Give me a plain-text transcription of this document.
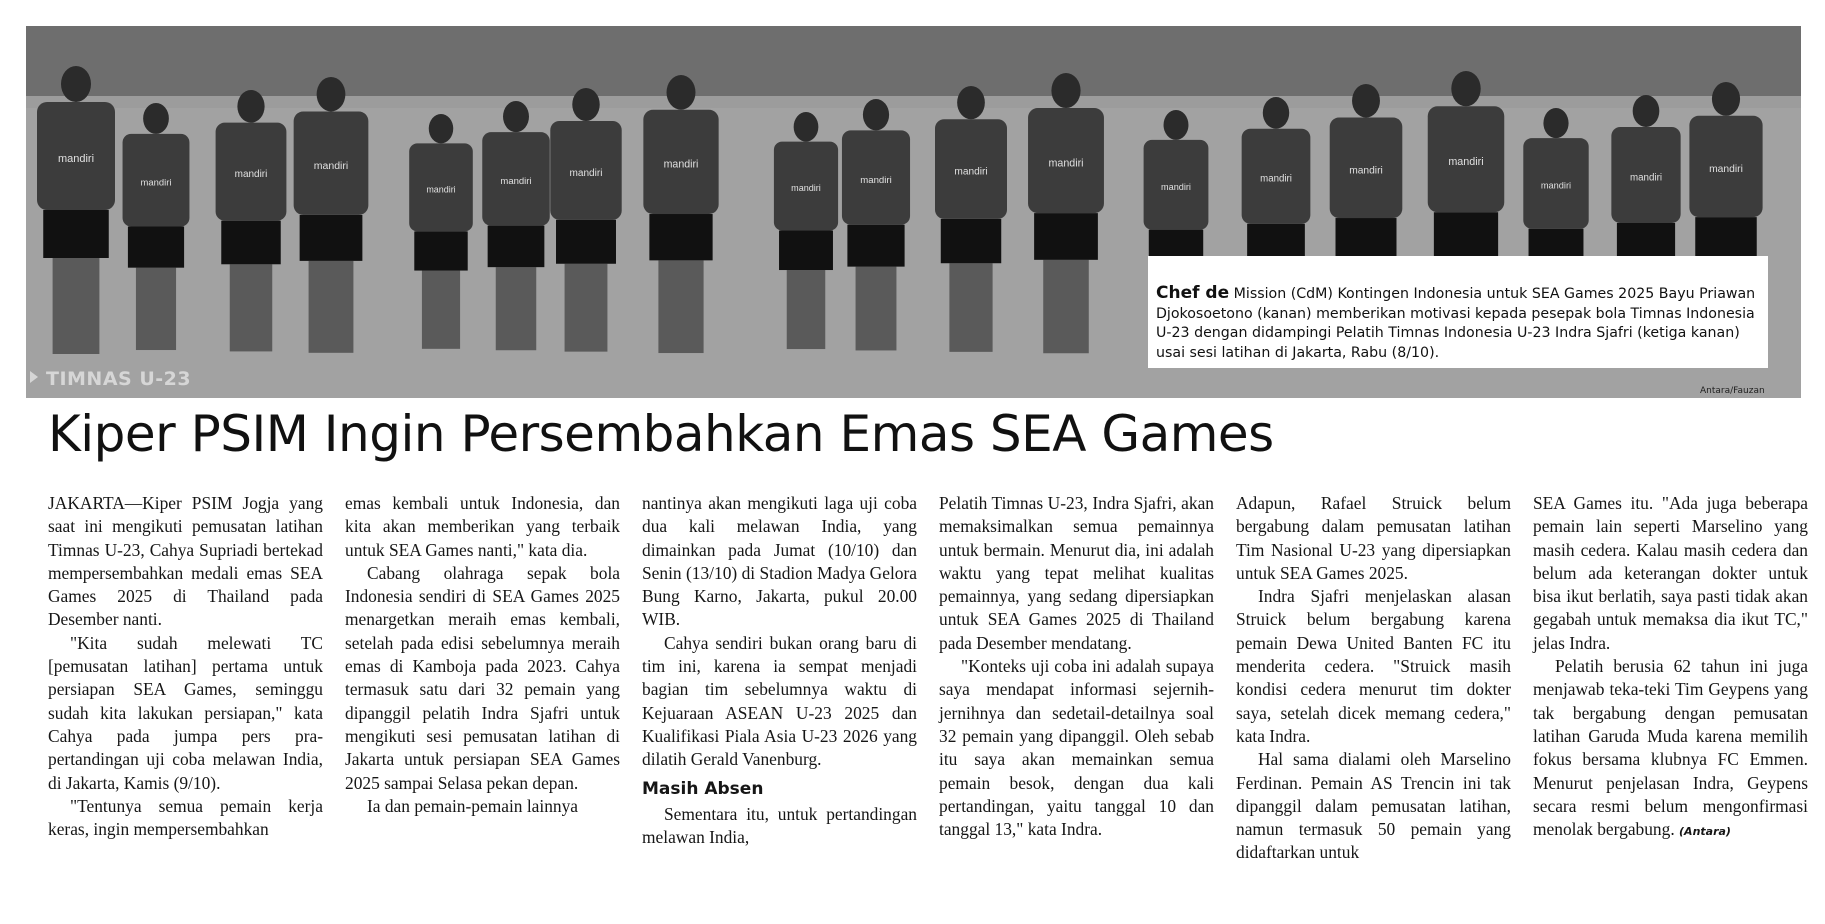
mandiri
mandiri
mandiri
mandiri
mandiri
mandiri
mandiri
mandiri
mandiri
mandiri
mandiri
mandiri
mandiri
mandiri
mandiri
mandiri
mandiri
mandiri
mandiri
Chef de Mission (CdM) Kontingen Indonesia untuk SEA Games 2025 Bayu Priawan Djokosoetono (kanan) memberikan motivasi kepada pesepak bola Timnas Indonesia U-23 dengan didampingi Pelatih Timnas Indonesia U-23 Indra Sjafri (ketiga kanan) usai sesi latihan di Jakarta, Rabu (8/10).
Antara/Fauzan
TIMNAS U-23
Kiper PSIM Ingin Persembahkan Emas SEA Games

JAKARTA—Kiper PSIM Jogja yang saat ini mengikuti pemusatan latihan Timnas U-23, Cahya Supriadi bertekad mempersembahkan medali emas SEA Games 2025 di Thailand pada Desember nanti.

"Kita sudah melewati TC [pemusatan latihan] pertama untuk persiapan SEA Games, seminggu sudah kita lakukan persiapan," kata Cahya pada jumpa pers pra-pertandingan uji coba melawan India, di Jakarta, Kamis (9/10).

"Tentunya semua pemain kerja keras, ingin mempersembahkan

emas kembali untuk Indonesia, dan kita akan memberikan yang terbaik untuk SEA Games nanti," kata dia.

Cabang olahraga sepak bola Indonesia sendiri di SEA Games 2025 menargetkan meraih emas kembali, setelah pada edisi sebelumnya meraih emas di Kamboja pada 2023. Cahya termasuk satu dari 32 pemain yang dipanggil pelatih Indra Sjafri untuk mengikuti sesi pemusatan latihan di Jakarta untuk persiapan SEA Games 2025 sampai Selasa pekan depan.

Ia dan pemain-pemain lainnya

nantinya akan mengikuti laga uji coba dua kali melawan India, yang dimainkan pada Jumat (10/10) dan Senin (13/10) di Stadion Madya Gelora Bung Karno, Jakarta, pukul 20.00 WIB.

Cahya sendiri bukan orang baru di tim ini, karena ia sempat menjadi bagian tim sebelumnya waktu di Kejuaraan ASEAN U-23 2025 dan Kualifikasi Piala Asia U-23 2026 yang dilatih Gerald Vanenburg.

Masih Absen

Sementara itu, untuk pertandingan melawan India,

Pelatih Timnas U-23, Indra Sjafri, akan memaksimalkan semua pemainnya untuk bermain. Menurut dia, ini adalah waktu yang tepat melihat kualitas pemainnya, yang sedang dipersiapkan untuk SEA Games 2025 di Thailand pada Desember mendatang.

"Konteks uji coba ini adalah supaya saya mendapat informasi sejernih-jernihnya dan sedetail-detailnya soal 32 pemain yang dipanggil. Oleh sebab itu saya akan memainkan semua pemain besok, dengan dua kali pertandingan, yaitu tanggal 10 dan tanggal 13," kata Indra.

Adapun, Rafael Struick belum bergabung dalam pemusatan latihan Tim Nasional U-23 yang dipersiapkan untuk SEA Games 2025.

Indra Sjafri menjelaskan alasan Struick belum bergabung karena pemain Dewa United Banten FC itu menderita cedera. "Struick masih kondisi cedera menurut tim dokter saya, setelah dicek memang cedera," kata Indra.

Hal sama dialami oleh Marselino Ferdinan. Pemain AS Trencin ini tak dipanggil dalam pemusatan latihan, namun termasuk 50 pemain yang didaftarkan untuk

SEA Games itu. "Ada juga beberapa pemain lain seperti Marselino yang masih cedera. Kalau masih cedera dan belum ada keterangan dokter untuk bisa ikut berlatih, saya pasti tidak akan gegabah untuk memaksa dia ikut TC," jelas Indra.

Pelatih berusia 62 tahun ini juga menjawab teka-teki Tim Geypens yang tak bergabung dengan pemusatan latihan Garuda Muda karena memilih fokus bersama klubnya FC Emmen. Menurut penjelasan Indra, Geypens secara resmi belum mengonfirmasi menolak bergabung. (Antara)
